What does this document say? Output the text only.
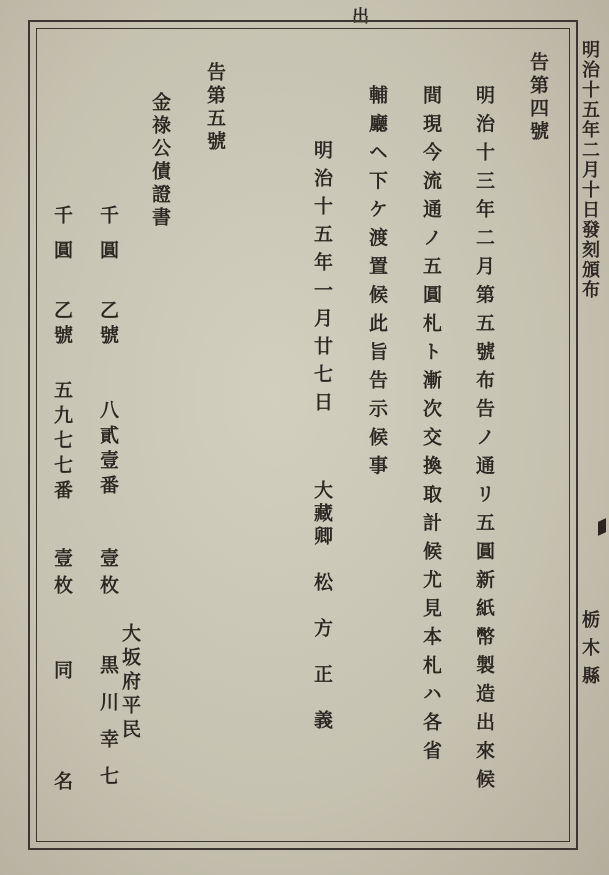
出
明治十五年二月十日發刻頒布
栃木縣
告第四號
明治十三年二月第五號布告ノ通リ五圓新紙幣製造出來候
間現今流通ノ五圓札ト漸次交換取計候尤見本札ハ各省
輔廳ヘ下ケ渡置候此旨告示候事
明治十五年一月廿七日
大藏卿　松　方　正　義
告第五號
金祿公債證書
千圓
乙號
八貳壹番
壹枚
大坂府平民
黒川幸七
千圓
乙號
五九七七番
壹枚
同　　名
